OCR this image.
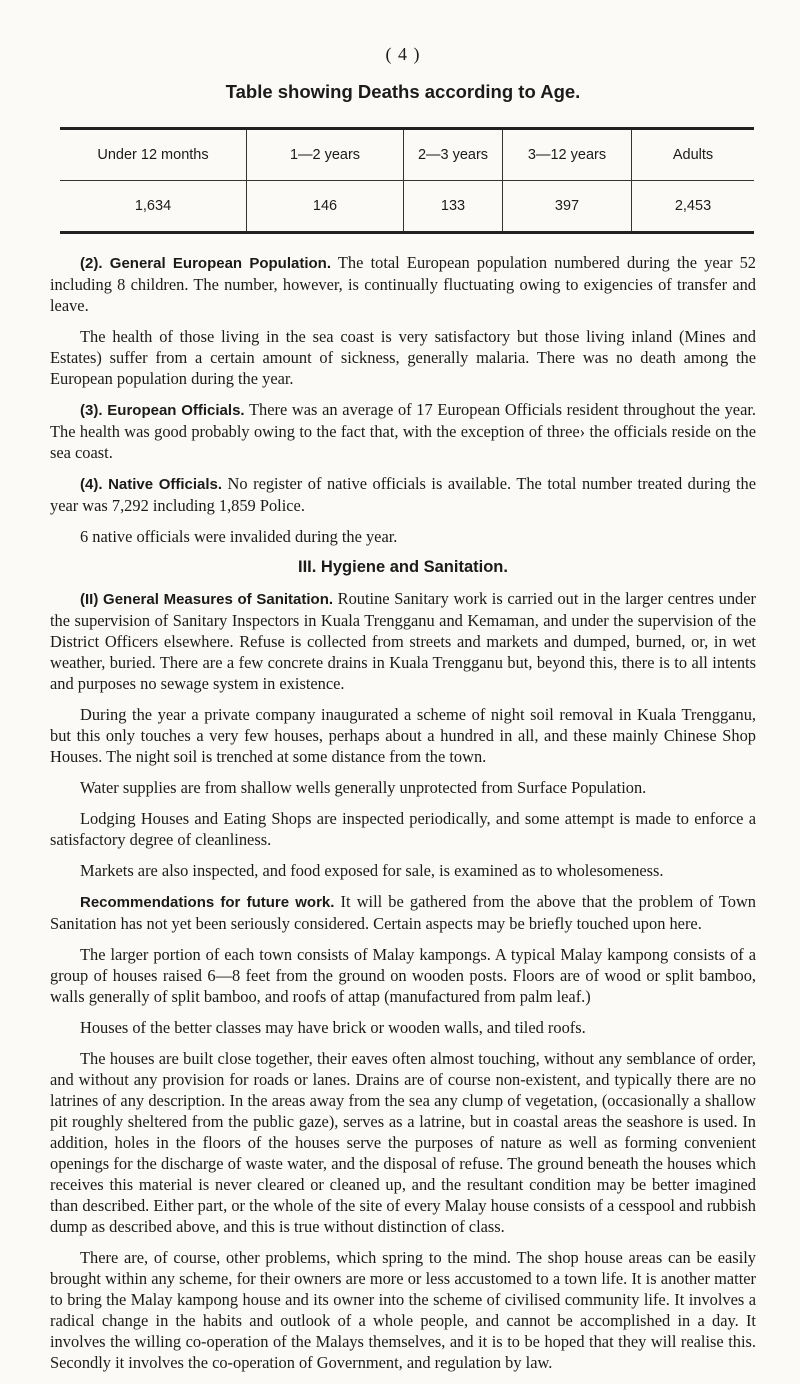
( 4 )
Table showing Deaths according to Age.
Under 12 months	1—2 years	2—3 years	3—12 years	Adults
1,634	146	133	397	2,453

(2). General European Population. The total European population numbered during the year 52 including 8 children. The number, however, is continually fluctuating owing to exigencies of transfer and leave.

The health of those living in the sea coast is very satisfactory but those living inland (Mines and Estates) suffer from a certain amount of sickness, generally malaria. There was no death among the European population during the year.

(3). European Officials. There was an average of 17 European Officials resident throughout the year. The health was good probably owing to the fact that, with the exception of three› the officials reside on the sea coast.

(4). Native Officials. No register of native officials is available. The total number treated during the year was 7,292 including 1,859 Police.

6 native officials were invalided during the year.

III. Hygiene and Sanitation.

(II) General Measures of Sanitation. Routine Sanitary work is carried out in the larger centres under the supervision of Sanitary Inspectors in Kuala Trengganu and Kemaman, and under the supervision of the District Officers elsewhere. Refuse is collected from streets and markets and dumped, burned, or, in wet weather, buried. There are a few concrete drains in Kuala Trengganu but, beyond this, there is to all intents and purposes no sewage system in existence.

During the year a private company inaugurated a scheme of night soil removal in Kuala Trengganu, but this only touches a very few houses, perhaps about a hundred in all, and these mainly Chinese Shop Houses. The night soil is trenched at some distance from the town.

Water supplies are from shallow wells generally unprotected from Surface Population.

Lodging Houses and Eating Shops are inspected periodically, and some attempt is made to enforce a satisfactory degree of cleanliness.

Markets are also inspected, and food exposed for sale, is examined as to wholesomeness.

Recommendations for future work. It will be gathered from the above that the problem of Town Sanitation has not yet been seriously considered. Certain aspects may be briefly touched upon here.

The larger portion of each town consists of Malay kampongs. A typical Malay kampong consists of a group of houses raised 6—8 feet from the ground on wooden posts. Floors are of wood or split bamboo, walls generally of split bamboo, and roofs of attap (manufactured from palm leaf.)

Houses of the better classes may have brick or wooden walls, and tiled roofs.

The houses are built close together, their eaves often almost touching, without any semblance of order, and without any provision for roads or lanes. Drains are of course non-existent, and typically there are no latrines of any description. In the areas away from the sea any clump of vegetation, (occasionally a shallow pit roughly sheltered from the public gaze), serves as a latrine, but in coastal areas the seashore is used. In addition, holes in the floors of the houses serve the purposes of nature as well as forming convenient openings for the discharge of waste water, and the disposal of refuse. The ground beneath the houses which receives this material is never cleared or cleaned up, and the resultant condition may be better imagined than described. Either part, or the whole of the site of every Malay house consists of a cesspool and rubbish dump as described above, and this is true without distinction of class.

There are, of course, other problems, which spring to the mind. The shop house areas can be easily brought within any scheme, for their owners are more or less accustomed to a town life. It is another matter to bring the Malay kampong house and its owner into the scheme of civilised community life. It involves a radical change in the habits and outlook of a whole people, and cannot be accomplished in a day. It involves the willing co-operation of the Malays themselves, and it is to be hoped that they will realise this. Secondly it involves the co-operation of Government, and regulation by law.
